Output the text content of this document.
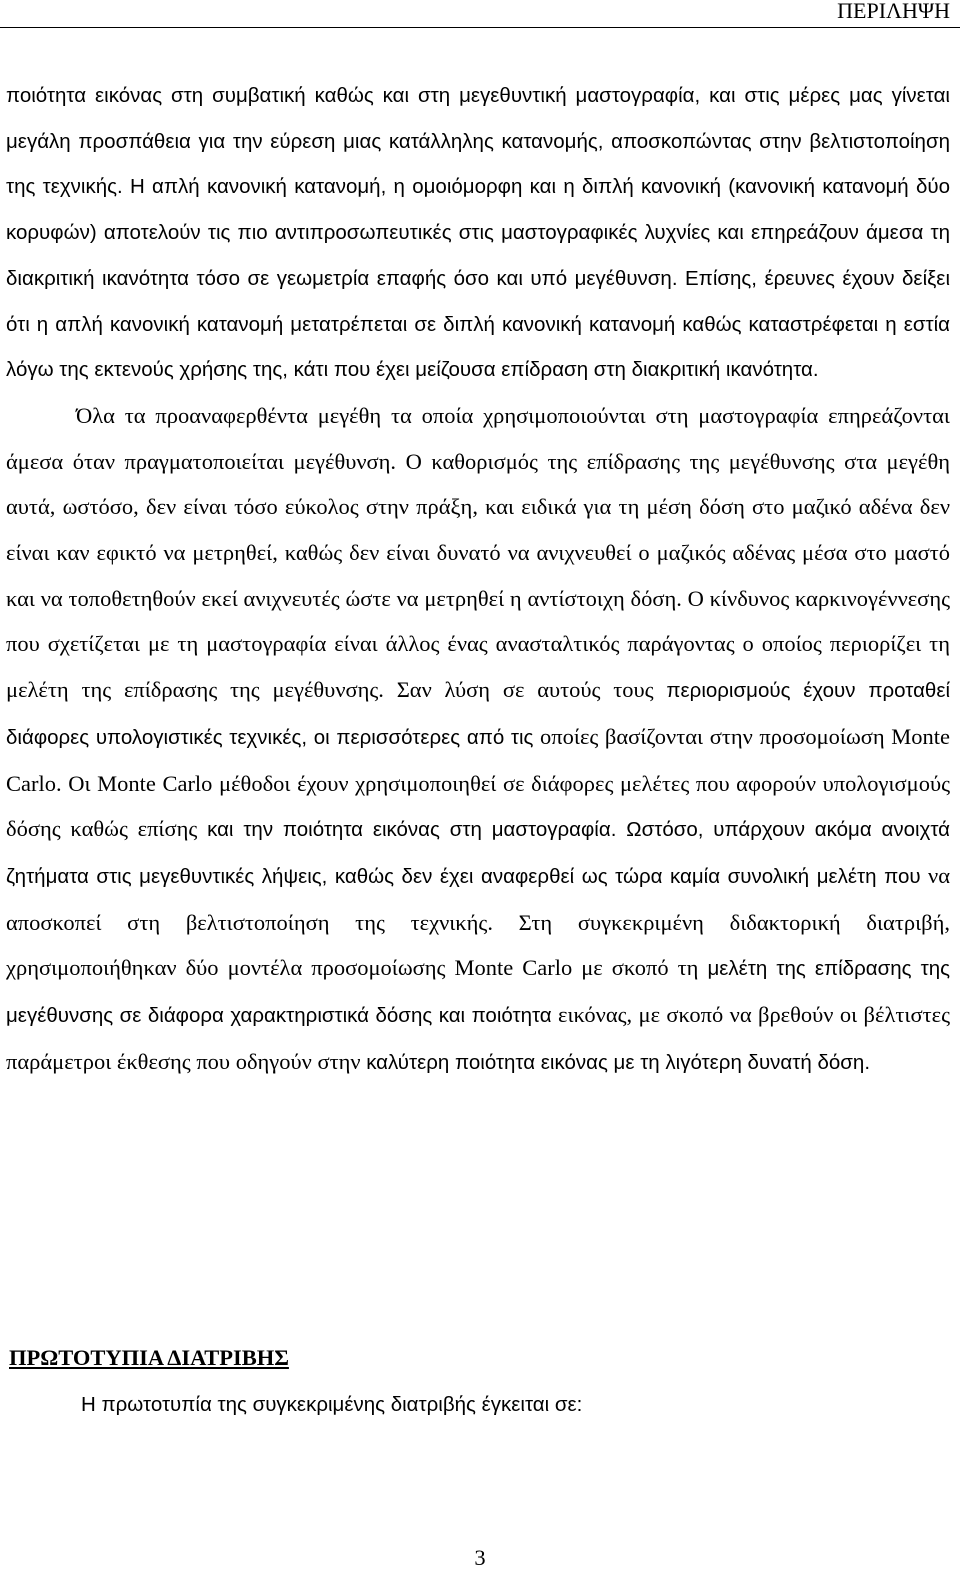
ΠΕΡΙΛΗΨΗ

ποιότητα εικόνας στη συμβατική καθώς και στη μεγεθυντική μαστογραφία, και στις μέρες μας γίνεται μεγάλη προσπάθεια για την εύρεση μιας κατάλληλης κατανομής, αποσκοπώντας στην βελτιστοποίηση της τεχνικής. Η απλή κανονική κατανομή, η ομοιόμορφη και η διπλή κανονική (κανονική κατανομή δύο κορυφών) αποτελούν τις πιο αντιπροσωπευτικές στις μαστογραφικές λυχνίες και επηρεάζουν άμεσα τη διακριτική ικανότητα τόσο σε γεωμετρία επαφής όσο και υπό μεγέθυνση. Επίσης, έρευνες έχουν δείξει ότι η απλή κανονική κατανομή μετατρέπεται σε διπλή κανονική κατανομή καθώς καταστρέφεται η εστία λόγω της εκτενούς χρήσης της, κάτι που έχει μείζουσα επίδραση στη διακριτική ικανότητα.

Όλα τα προαναφερθέντα μεγέθη τα οποία χρησιμοποιούνται στη μαστογραφία επηρεάζονται άμεσα όταν πραγματοποιείται μεγέθυνση. Ο καθορισμός της επίδρασης της μεγέθυνσης στα μεγέθη αυτά, ωστόσο, δεν είναι τόσο εύκολος στην πράξη, και ειδικά για τη μέση δόση στο μαζικό αδένα δεν είναι καν εφικτό να μετρηθεί, καθώς δεν είναι δυνατό να ανιχνευθεί ο μαζικός αδένας μέσα στο μαστό και να τοποθετηθούν εκεί ανιχνευτές ώστε να μετρηθεί η αντίστοιχη δόση. Ο κίνδυνος καρκινογέννεσης που σχετίζεται με τη μαστογραφία είναι άλλος ένας ανασταλτικός παράγοντας ο οποίος περιορίζει τη μελέτη της επίδρασης της μεγέθυνσης. Σαν λύση σε αυτούς τους περιορισμούς έχουν προταθεί διάφορες υπολογιστικές τεχνικές, οι περισσότερες από τις οποίες βασίζονται στην προσομοίωση Monte Carlo. Οι Monte Carlo μέθοδοι έχουν χρησιμοποιηθεί σε διάφορες μελέτες που αφορούν υπολογισμούς δόσης καθώς επίσης και την ποιότητα εικόνας στη μαστογραφία. Ωστόσο, υπάρχουν ακόμα ανοιχτά ζητήματα στις μεγεθυντικές λήψεις, καθώς δεν έχει αναφερθεί ως τώρα καμία συνολική μελέτη που να αποσκοπεί στη βελτιστοποίηση της τεχνικής. Στη συγκεκριμένη διδακτορική διατριβή, χρησιμοποιήθηκαν δύο μοντέλα προσομοίωσης Monte Carlo με σκοπό τη μελέτη της επίδρασης της μεγέθυνσης σε διάφορα χαρακτηριστικά δόσης και ποιότητα εικόνας, με σκοπό να βρεθούν οι βέλτιστες παράμετροι έκθεσης που οδηγούν στην καλύτερη ποιότητα εικόνας με τη λιγότερη δυνατή δόση.

ΠΡΩΤΟΤΥΠΙΑ ΔΙΑΤΡΙΒΗΣ

Η πρωτοτυπία της συγκεκριμένης διατριβής έγκειται σε:

3
